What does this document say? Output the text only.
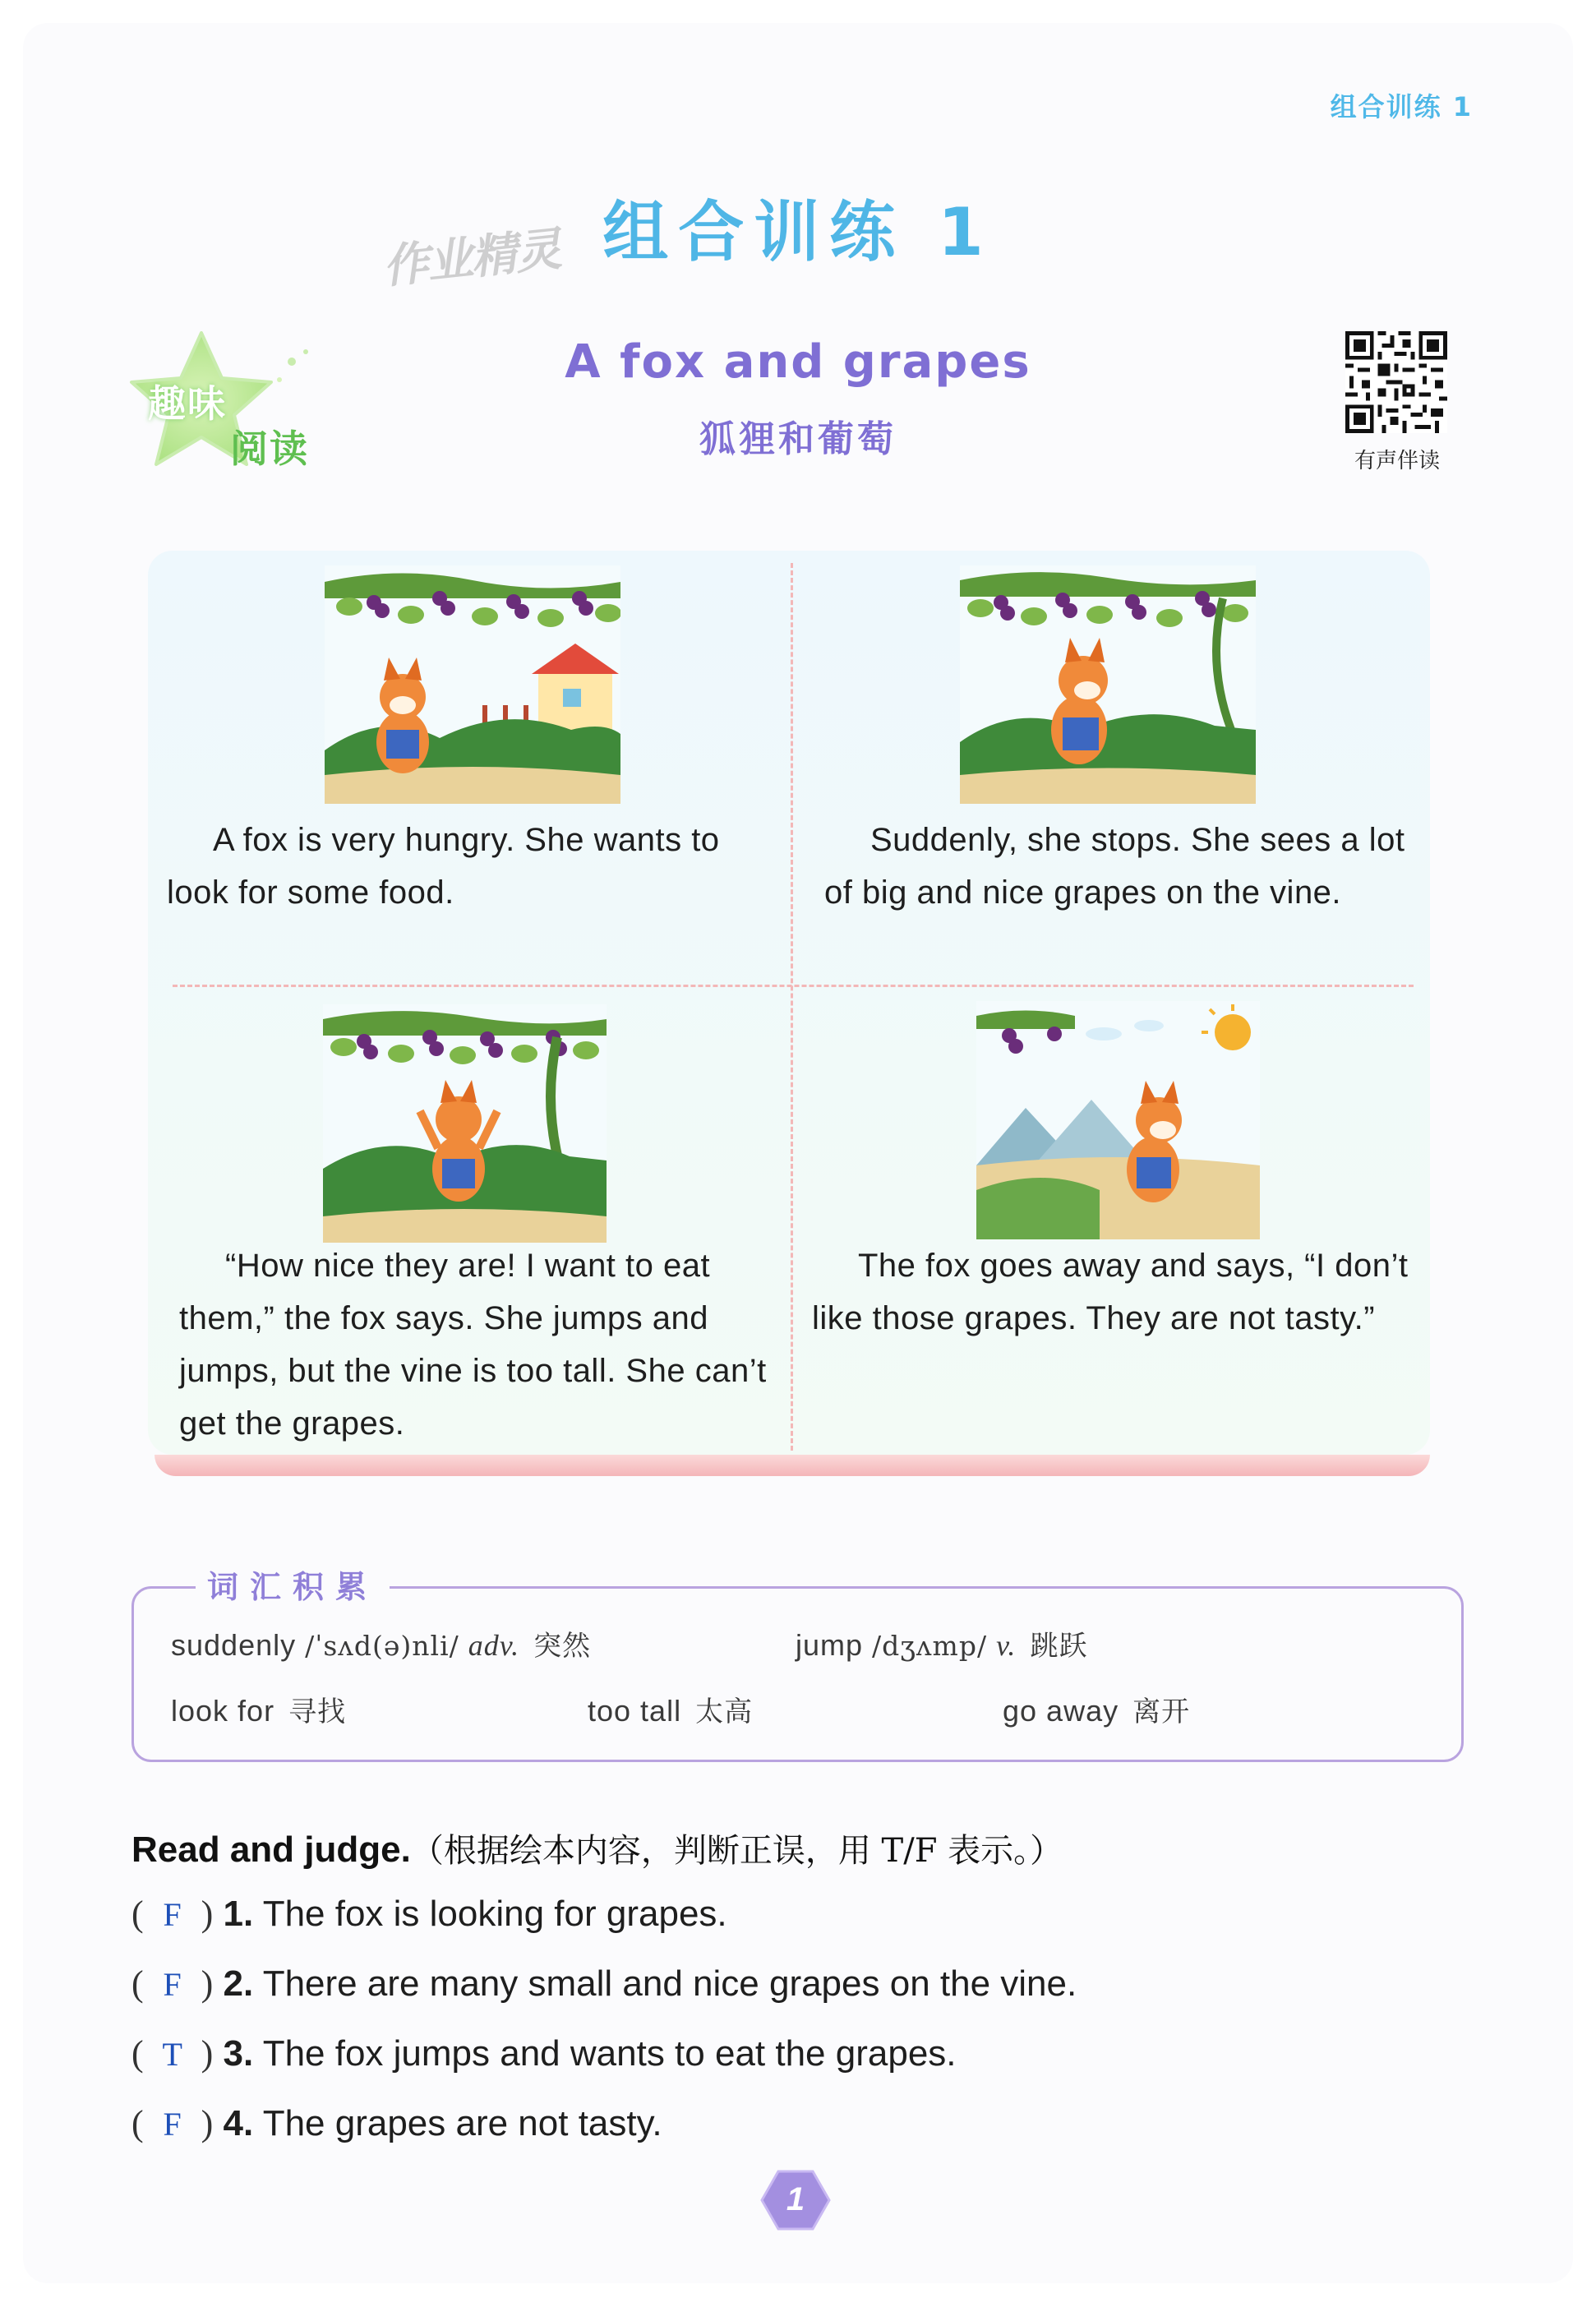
组合训练 1
作业精灵 组合训练 1
趣味
阅读
A fox and grapes
狐狸和葡萄
有声伴读
A fox is very hungry. She wants to look for some food.
Suddenly, she stops. She sees a lot of big and nice grapes on the vine.
“How nice they are! I want to eat them,” the fox says. She jumps and jumps, but the vine is too tall. She can’t get the grapes.
The fox goes away and says, “I don’t like those grapes. They are not tasty.”
词汇积累
suddenly /ˈsʌd(ə)nli/ adv. 突然	jump /dʒʌmp/ v. 跳跃
look for 寻找	too tall 太高	go away 离开
Read and judge.（根据绘本内容，判断正误，用 T/F 表示。）
( F ) 1. The fox is looking for grapes.
( F ) 2. There are many small and nice grapes on the vine.
( T ) 3. The fox jumps and wants to eat the grapes.
( F ) 4. The grapes are not tasty.
1
